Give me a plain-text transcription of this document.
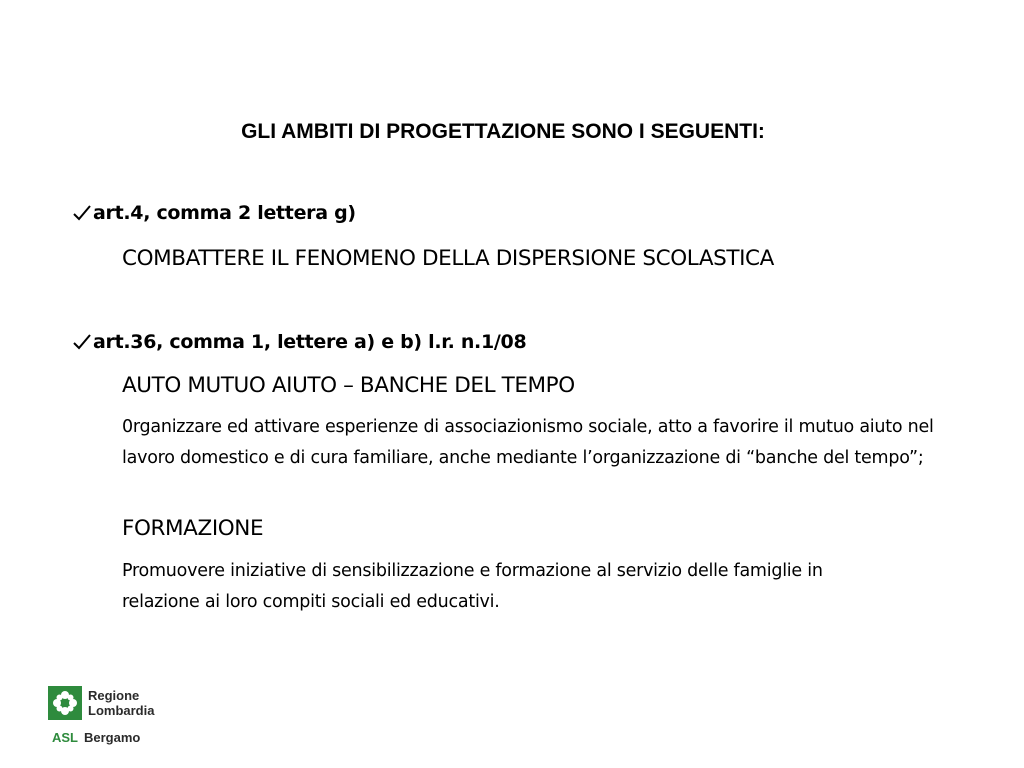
GLI AMBITI DI PROGETTAZIONE SONO I SEGUENTI:
art.4, comma 2 lettera g)
COMBATTERE IL FENOMENO DELLA DISPERSIONE SCOLASTICA
art.36, comma 1, lettere a) e b) l.r. n.1/08
AUTO MUTUO AIUTO – BANCHE DEL TEMPO
0rganizzare ed attivare esperienze di associazionismo sociale, atto a favorire il mutuo aiuto nel lavoro domestico e di cura familiare, anche mediante l’organizzazione di “banche del tempo”;
FORMAZIONE
Promuovere iniziative di sensibilizzazione e formazione al servizio delle famiglie in relazione ai loro compiti sociali ed educativi.
Regione
Lombardia
ASL Bergamo
